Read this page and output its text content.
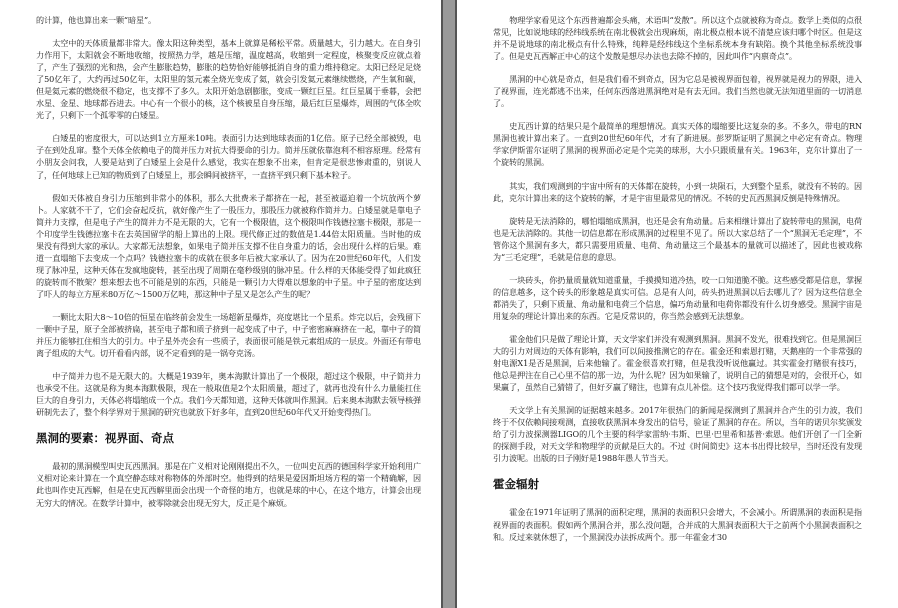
的计算，他也算出来一颗“暗星”。

太空中的天体质量都非常大。像太阳这种类型，基本上就算是稀松平常。质量越大，引力越大。在自身引力作用下，太阳就会不断地收缩，按照热力学，越是压缩，温度越高，收缩到一定程度，核聚变反应就点着了，产生了强烈的光和热，会产生膨胀趋势，膨胀的趋势恰好能够抵消自身的重力维持稳定。太阳已经足足烧了50亿年了，大约再过50亿年，太阳里的氢元素全烧光变成了氦，就会引发氦元素继续燃烧，产生氧和碳，但是氦元素的燃烧很不稳定，也支撑不了多久。太阳开始急剧膨胀，变成一颗红巨星。红巨星属于垂暮，会把水星、金星、地球都吞进去。中心有一个很小的核，这个核被星自身压缩，最后红巨星爆炸，周围的气体全吹光了，只剩下一个孤零零的白矮星。

白矮星的密度很大，可以达到1立方厘米10吨。表面引力达到地球表面的1亿倍。原子已经全部被毁，电子在到处乱窜。整个天体全依赖电子的简并压力对抗大得要命的引力。简并压就依靠泡利不相容原理。经常有小朋友会问我，人要是站到了白矮星上会是什么感觉，我实在想象不出来，但肯定是很悲惨肃重的，别说人了，任何地球上已知的物质到了白矮星上，那会瞬间被挤平，一直挤平到只剩下基本粒子。

假如天体被自身引力压缩到非常小的体积，那么大批费米子都挤在一起，甚至被逼迫着一个坑放两个萝卜。人家就不干了，它们会奋起反抗，就好像产生了一股压力，那股压力就被称作简并力。白矮星就是靠电子简并力支撑，但是电子产生的简并力不是无限的大，它有一个极限值，这个极限叫作钱德拉塞卡极限，那是一个印度学生钱德拉塞卡在去英国留学的船上算出的上限。现代修正过的数值是1.44倍太阳质量。当时他的成果没有得到大家的承认。大家都无法想象，如果电子简并压支撑不住自身重力的话，会出现什么样的后果。难道一直塌缩下去变成一个点吗？钱德拉塞卡的成就在很多年后被大家承认了。因为在20世纪60年代，人们发现了脉冲星，这种天体在发疯地旋转，甚至出现了周期在毫秒级别的脉冲星。什么样的天体能受得了如此疯狂的旋转而不散架？想来想去也不可能是别的东西，只能是一颗引力大得难以想象的中子星。中子星的密度达到了吓人的每立方厘米80万亿～1500万亿吨，那这种中子星又是怎么产生的呢？

一颗比太阳大8～10倍的恒星在临终前会发生一场超新星爆炸，亮度堪比一个星系。炸完以后，会残留下一颗中子星，原子全部被挤扁，甚至电子都和质子挤到一起变成了中子，中子密密麻麻挤在一起，靠中子的简并压力能够扛住相当大的引力。中子星外壳会有一些质子，表面很可能是铁元素组成的一层皮。外面还有带电离子组成的大气。切开看看内部，说不定看到的是一锅夸克汤。

中子简并力也不是无限大的。大概是1939年，奥本海默计算出了一个极限，超过这个极限，中子简并力也承受不住。这就是称为奥本海默极限，现在一般取值是2个太阳质量，超过了，就再也没有什么力量能扛住巨大的自身引力，天体必将塌缩成一个点。我们今天都知道，这种天体就叫作黑洞。后来奥本海默去领导核弹研制先去了，整个科学界对于黑洞的研究也就放下好多年，直到20世纪60年代又开始变得热门。

黑洞的要素：视界面、奇点

最初的黑洞模型叫史瓦西黑洞。那是在广义相对论刚刚提出不久，一位叫史瓦西的德国科学家开始利用广义相对论来计算在一个真空静态球对称物体的外部时空。他得到的结果是爱因斯坦场方程的第一个精确解，因此也叫作史瓦西解，但是在史瓦西解里面会出现一个奇怪的地方，也就是球的中心，在这个地方，计算会出现无穷大的情况。在数学计算中，被零除就会出现无穷大，反正是个麻烦。

物理学家看见这个东西普遍都会头痛，术语叫“发散”。所以这个点就被称为奇点。数学上类似的点很常见，比如说地球的经纬线系统在南北极就会出现麻烦，南北极点根本说不清楚应该归哪个时区。但是这并不是说地球的南北极点有什么特殊，纯粹是经纬线这个坐标系统本身有缺陷。换个其他坐标系统没事了。但是史瓦西解正中心的这个发散是想尽办法也去除不掉的，因此叫作“内禀奇点”。

黑洞的中心就是奇点，但是我们看不到奇点，因为它总是被视界面包着，视界就是视力的界限，进入了视界面，连光都逃不出来，任何东西落进黑洞绝对是有去无回。我们当然也就无法知道里面的一切消息了。

史瓦西计算的结果只是个最简单的理想情况。真实天体的塌缩要比这复杂的多。不多久，带电的RN黑洞也被计算出来了。一直到20世纪60年代，才有了新进展。彭罗斯证明了黑洞之中必定有奇点。物理学家伊斯雷尔证明了黑洞的视界面必定是个完美的球形，大小只跟质量有关。1963年，克尔计算出了一个旋转的黑洞。

其实，我们观测到的宇宙中所有的天体都在旋转，小到一块陨石，大到整个星系，就没有不转的。因此，克尔计算出来的这个旋转的解，才是宇宙里最常见的情况。不转的史瓦西黑洞反倒是特殊情况。

旋转是无法消除的，哪怕塌缩成黑洞，也还是会有角动量。后来相继计算出了旋转带电的黑洞，电荷也是无法消除的。其他一切信息都在形成黑洞的过程里不见了。所以大家总结了一个“黑洞无毛定理”，不管你这个黑洞有多大，都只需要用质量、电荷、角动量这三个最基本的量就可以描述了，因此也被戏称为“三毛定理”，毛就是信息的意思。

一块砖头，你扔量质量就知道重量，手摸摸知道冷热，咬一口知道脆不脆。这些感受都是信息，掌握的信息越多，这个砖头的形象越是真实可信。总是有人问，砖头扔进黑洞以后去哪儿了？因为这些信息全都消失了，只剩下质量、角动量和电荷三个信息，偏巧角动量和电荷你都没有什么切身感受。黑洞宇宙是用复杂的理论计算出来的东西。它是反常识的，你当然会感到无法想象。

霍金他们只是做了理论计算，天文学家们并没有观测到黑洞。黑洞不发光，很难找到它。但是黑洞巨大的引力对周边的天体有影响，我们可以间接推测它的存在。霍金还和索恩打赌，天鹅座的一个非常强的射电源X1是否是黑洞，后来他输了。霍金很喜欢打赌，但是我没听说他赢过。其实霍金打赌很有技巧，他总是押注在自己心里不信的那一边，为什么呢？因为如果输了，说明自己的猜想是对的，会很开心，如果赢了，虽然自己猜错了，但好歹赢了赌注，也算有点儿补偿。这个技巧我觉得我们都可以学一学。

天文学上有关黑洞的证据越来越多。2017年很热门的新闻是探测到了黑洞并合产生的引力波，我们终于不仅依赖间接观测，直接收获黑洞本身发出的信号，验证了黑洞的存在。所以，当年的诺贝尔奖颁发给了引力波探测器LIGO的几个主要的科学家雷纳·韦斯、巴里·巴里希和基普·索恩。他们开创了一门全新的探测手段，对天文学和物理学的贡献是巨大的。不过《时间简史》这本书出得比较早，当时还没有发现引力波呢。出版的日子刚好是1988年愚人节当天。

霍金辐射

霍金在1971年证明了黑洞的面积定理，黑洞的表面积只会增大，不会减小。所谓黑洞的表面积是指视界面的表面积。假如两个黑洞合并，那么没问题，合并成的大黑洞表面积大于之前两个小黑洞表面积之和。反过来就休想了，一个黑洞没办法拆成两个。那一年霍金才30
